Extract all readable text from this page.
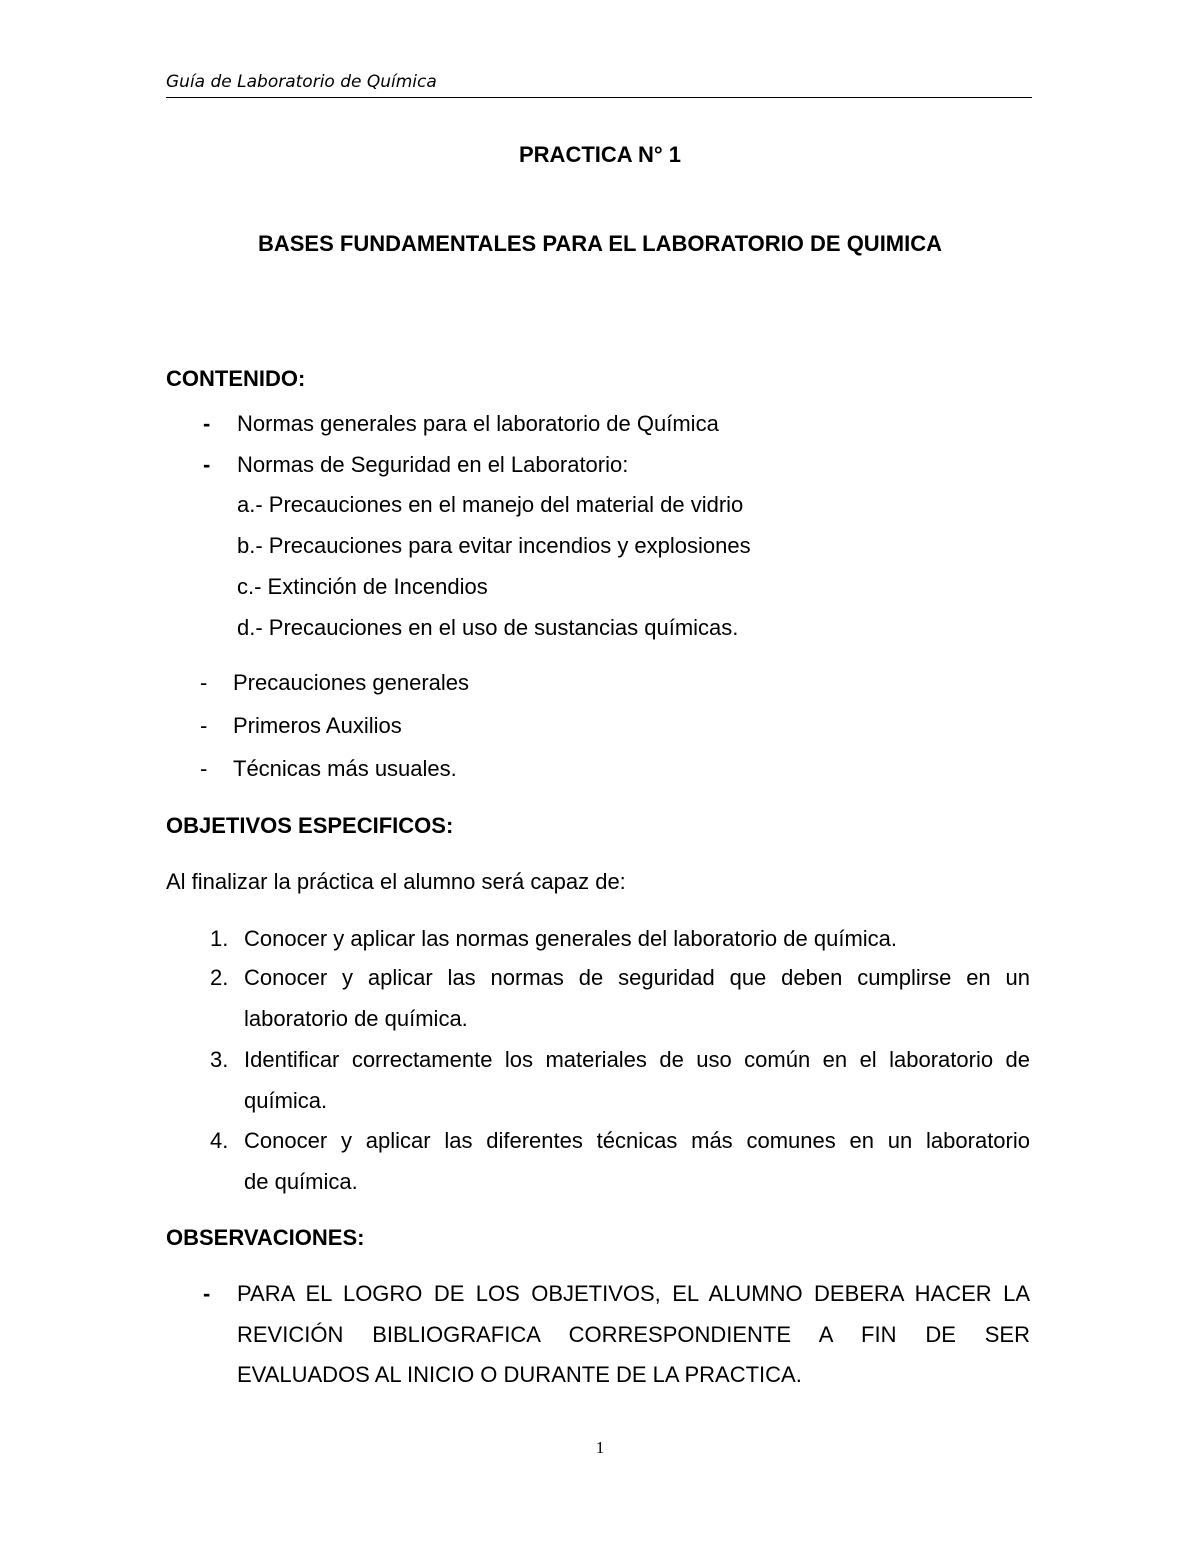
Guía de Laboratorio de Química
PRACTICA N° 1
BASES FUNDAMENTALES PARA EL LABORATORIO DE QUIMICA
CONTENIDO:
- Normas generales para el laboratorio de Química
- Normas de Seguridad en el Laboratorio:
a.- Precauciones en el manejo del material de vidrio
b.- Precauciones para evitar incendios y explosiones
c.- Extinción de Incendios
d.- Precauciones en el uso de sustancias químicas.
- Precauciones generales
- Primeros Auxilios
- Técnicas más usuales.
OBJETIVOS ESPECIFICOS:
Al finalizar la práctica el alumno será capaz de:
1. Conocer y aplicar las normas generales del laboratorio de química.
2. Conocer y aplicar las normas de seguridad que deben cumplirse en un
laboratorio de química.
3. Identificar correctamente los materiales de uso común en el laboratorio de
química.
4. Conocer y aplicar las diferentes técnicas más comunes en un laboratorio
de química.
OBSERVACIONES:
- PARA EL LOGRO DE LOS OBJETIVOS, EL ALUMNO DEBERA HACER LA
REVICIÓN BIBLIOGRAFICA CORRESPONDIENTE A FIN DE SER
EVALUADOS AL INICIO O DURANTE DE LA PRACTICA.
1
